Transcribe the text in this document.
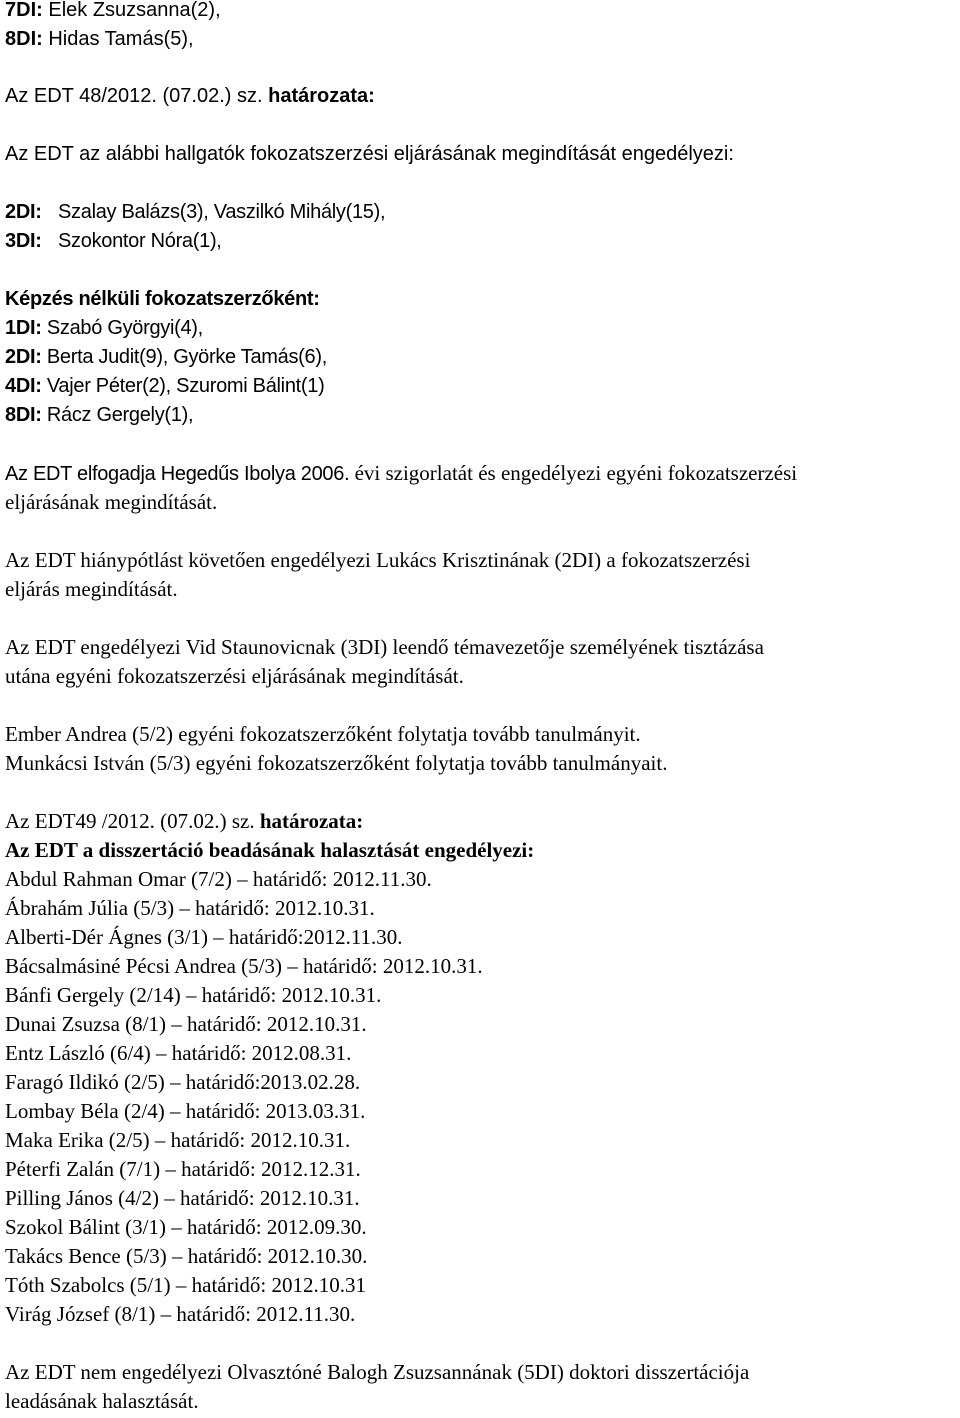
7DI: Elek Zsuzsanna(2),
8DI: Hidas Tamás(5),
Az EDT 48/2012. (07.02.) sz. határozata:
Az EDT az alábbi hallgatók fokozatszerzési eljárásának megindítását engedélyezi:
2DI: Szalay Balázs(3), Vaszilkó Mihály(15),
3DI: Szokontor Nóra(1),
Képzés nélküli fokozatszerzőként:
1DI: Szabó Györgyi(4),
2DI: Berta Judit(9), Györke Tamás(6),
4DI: Vajer Péter(2), Szuromi Bálint(1)
8DI: Rácz Gergely(1),
Az EDT elfogadja Hegedűs Ibolya 2006. évi szigorlatát és engedélyezi egyéni fokozatszerzési
eljárásának megindítását.
Az EDT hiánypótlást követően engedélyezi Lukács Krisztinának (2DI) a fokozatszerzési
eljárás megindítását.
Az EDT engedélyezi Vid Staunovicnak (3DI) leendő témavezetője személyének tisztázása
utána egyéni fokozatszerzési eljárásának megindítását.
Ember Andrea (5/2) egyéni fokozatszerzőként folytatja tovább tanulmányit.
Munkácsi István (5/3) egyéni fokozatszerzőként folytatja tovább tanulmányait.
Az EDT49 /2012. (07.02.) sz. határozata:
Az EDT a disszertáció beadásának halasztását engedélyezi:
Abdul Rahman Omar (7/2) – határidő: 2012.11.30.
Ábrahám Júlia (5/3) – határidő: 2012.10.31.
Alberti-Dér Ágnes (3/1) – határidő:2012.11.30.
Bácsalmásiné Pécsi Andrea (5/3) – határidő: 2012.10.31.
Bánfi Gergely (2/14) – határidő: 2012.10.31.
Dunai Zsuzsa (8/1) – határidő: 2012.10.31.
Entz László (6/4) – határidő: 2012.08.31.
Faragó Ildikó (2/5) – határidő:2013.02.28.
Lombay Béla (2/4) – határidő: 2013.03.31.
Maka Erika (2/5) – határidő: 2012.10.31.
Péterfi Zalán (7/1) – határidő: 2012.12.31.
Pilling János (4/2) – határidő: 2012.10.31.
Szokol Bálint (3/1) – határidő: 2012.09.30.
Takács Bence (5/3) – határidő: 2012.10.30.
Tóth Szabolcs (5/1) – határidő: 2012.10.31
Virág József (8/1) – határidő: 2012.11.30.
Az EDT nem engedélyezi Olvasztóné Balogh Zsuzsannának (5DI) doktori disszertációja
leadásának halasztását.
